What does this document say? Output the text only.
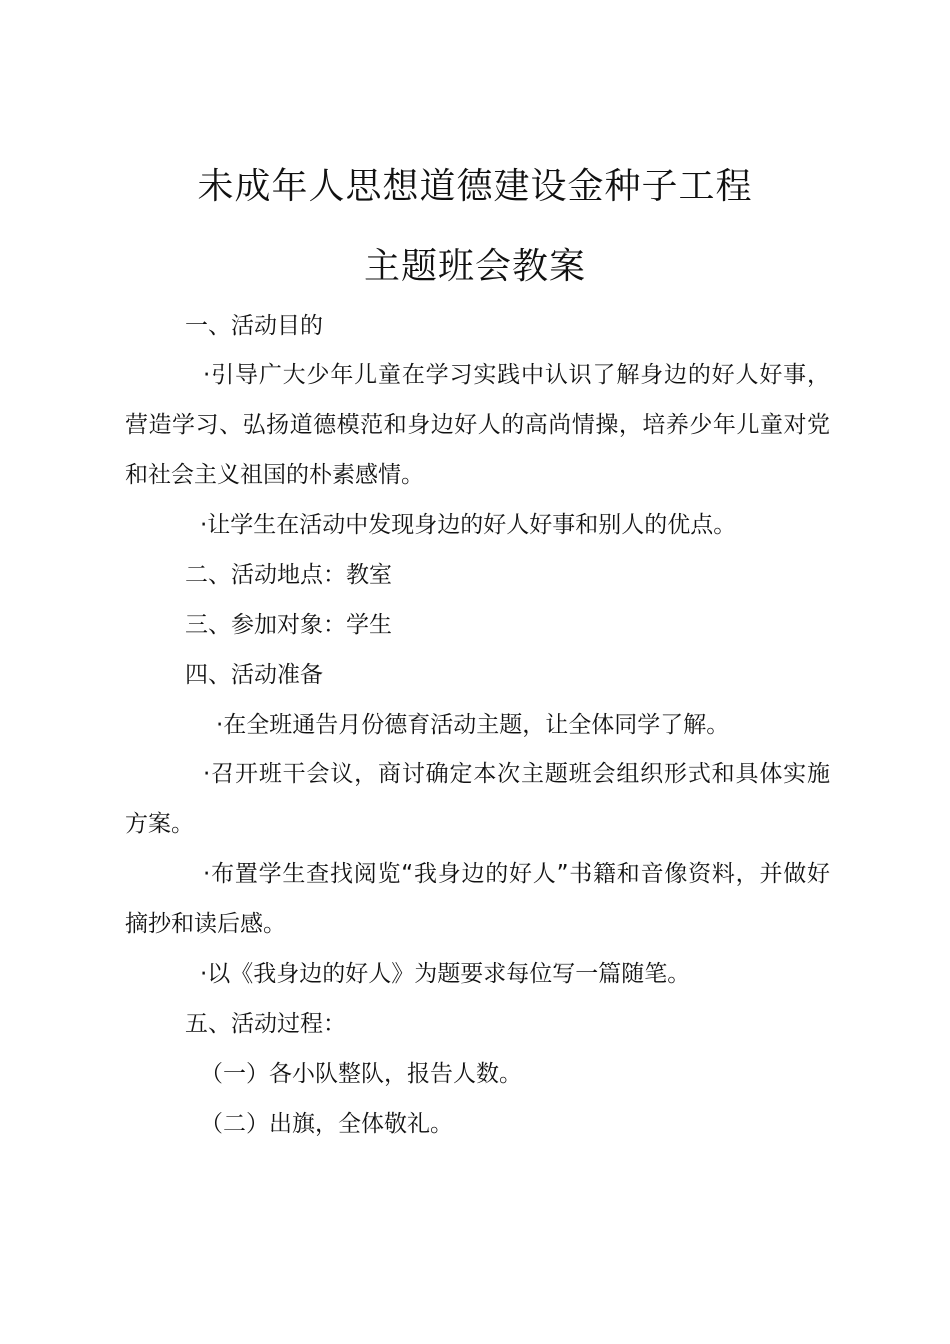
未成年人思想道德建设金种子工程
主题班会教案
一、活动目的
·引导广大少年儿童在学习实践中认识了解身边的好人好事，营造学习、弘扬道德模范和身边好人的高尚情操，培养少年儿童对党和社会主义祖国的朴素感情。
·让学生在活动中发现身边的好人好事和别人的优点。
二、活动地点：教室
三、参加对象：学生
四、活动准备
·在全班通告月份德育活动主题，让全体同学了解。
·召开班干会议，商讨确定本次主题班会组织形式和具体实施方案。
·布置学生查找阅览“我身边的好人”书籍和音像资料，并做好摘抄和读后感。
·以《我身边的好人》为题要求每位写一篇随笔。
五、活动过程：
（一）各小队整队，报告人数。
（二）出旗，全体敬礼。
